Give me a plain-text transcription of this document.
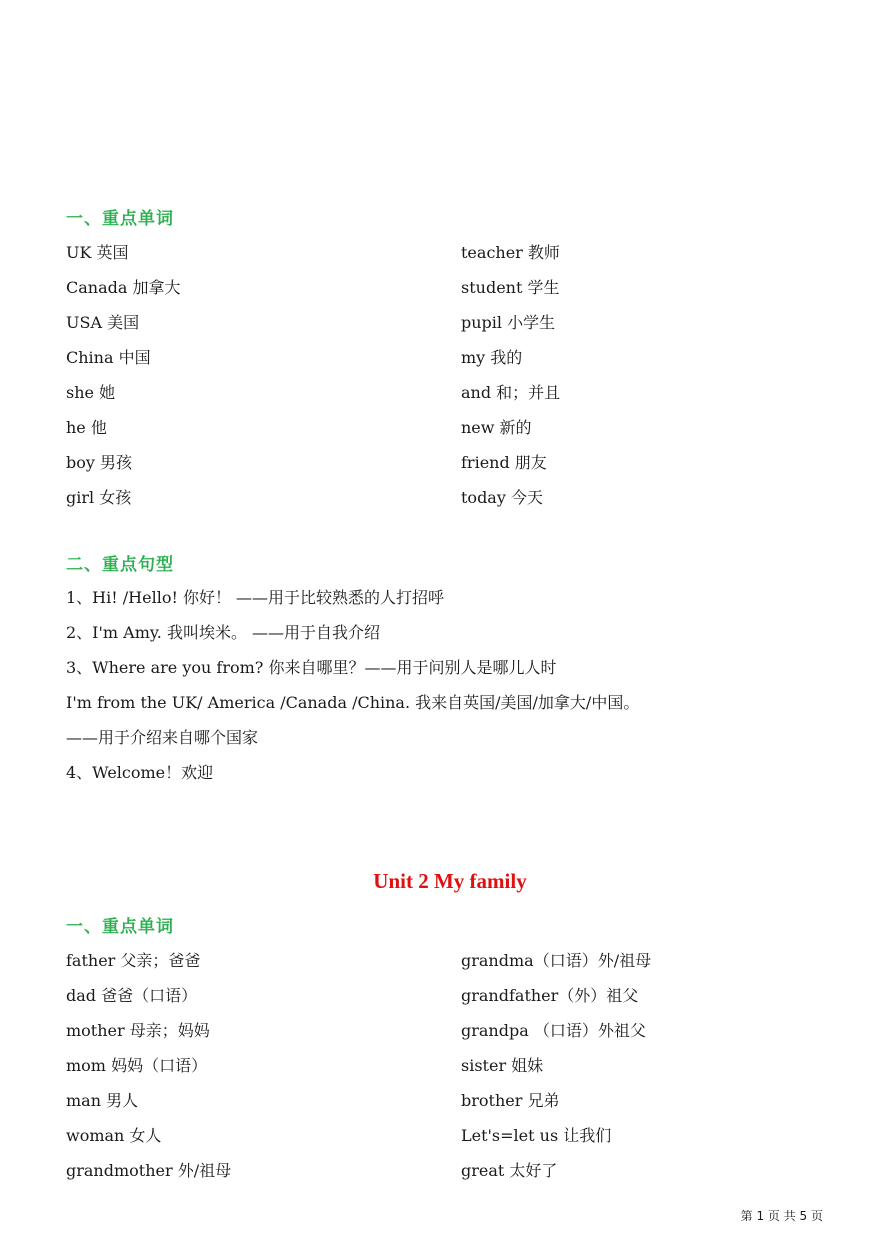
一、重点单词
UK 英国
Canada 加拿大
USA 美国
China 中国
she 她
he 他
boy 男孩
girl 女孩
teacher 教师
student 学生
pupil 小学生
my 我的
and 和；并且
new 新的
friend 朋友
today 今天
二、重点句型
1、Hi! /Hello! 你好！ ——用于比较熟悉的人打招呼
2、I'm Amy. 我叫埃米。 ——用于自我介绍
3、Where are you from? 你来自哪里？——用于问别人是哪儿人时
I'm from the UK/ America /Canada /China. 我来自英国/美国/加拿大/中国。
——用于介绍来自哪个国家
4、Welcome！欢迎
Unit 2 My family
一、重点单词
father 父亲；爸爸
dad 爸爸（口语）
mother 母亲；妈妈
mom 妈妈（口语）
man 男人
woman 女人
grandmother 外/祖母
grandma（口语）外/祖母
grandfather（外）祖父
grandpa （口语）外祖父
sister 姐妹
brother 兄弟
Let's=let us 让我们
great 太好了
第 1 页 共 5 页
